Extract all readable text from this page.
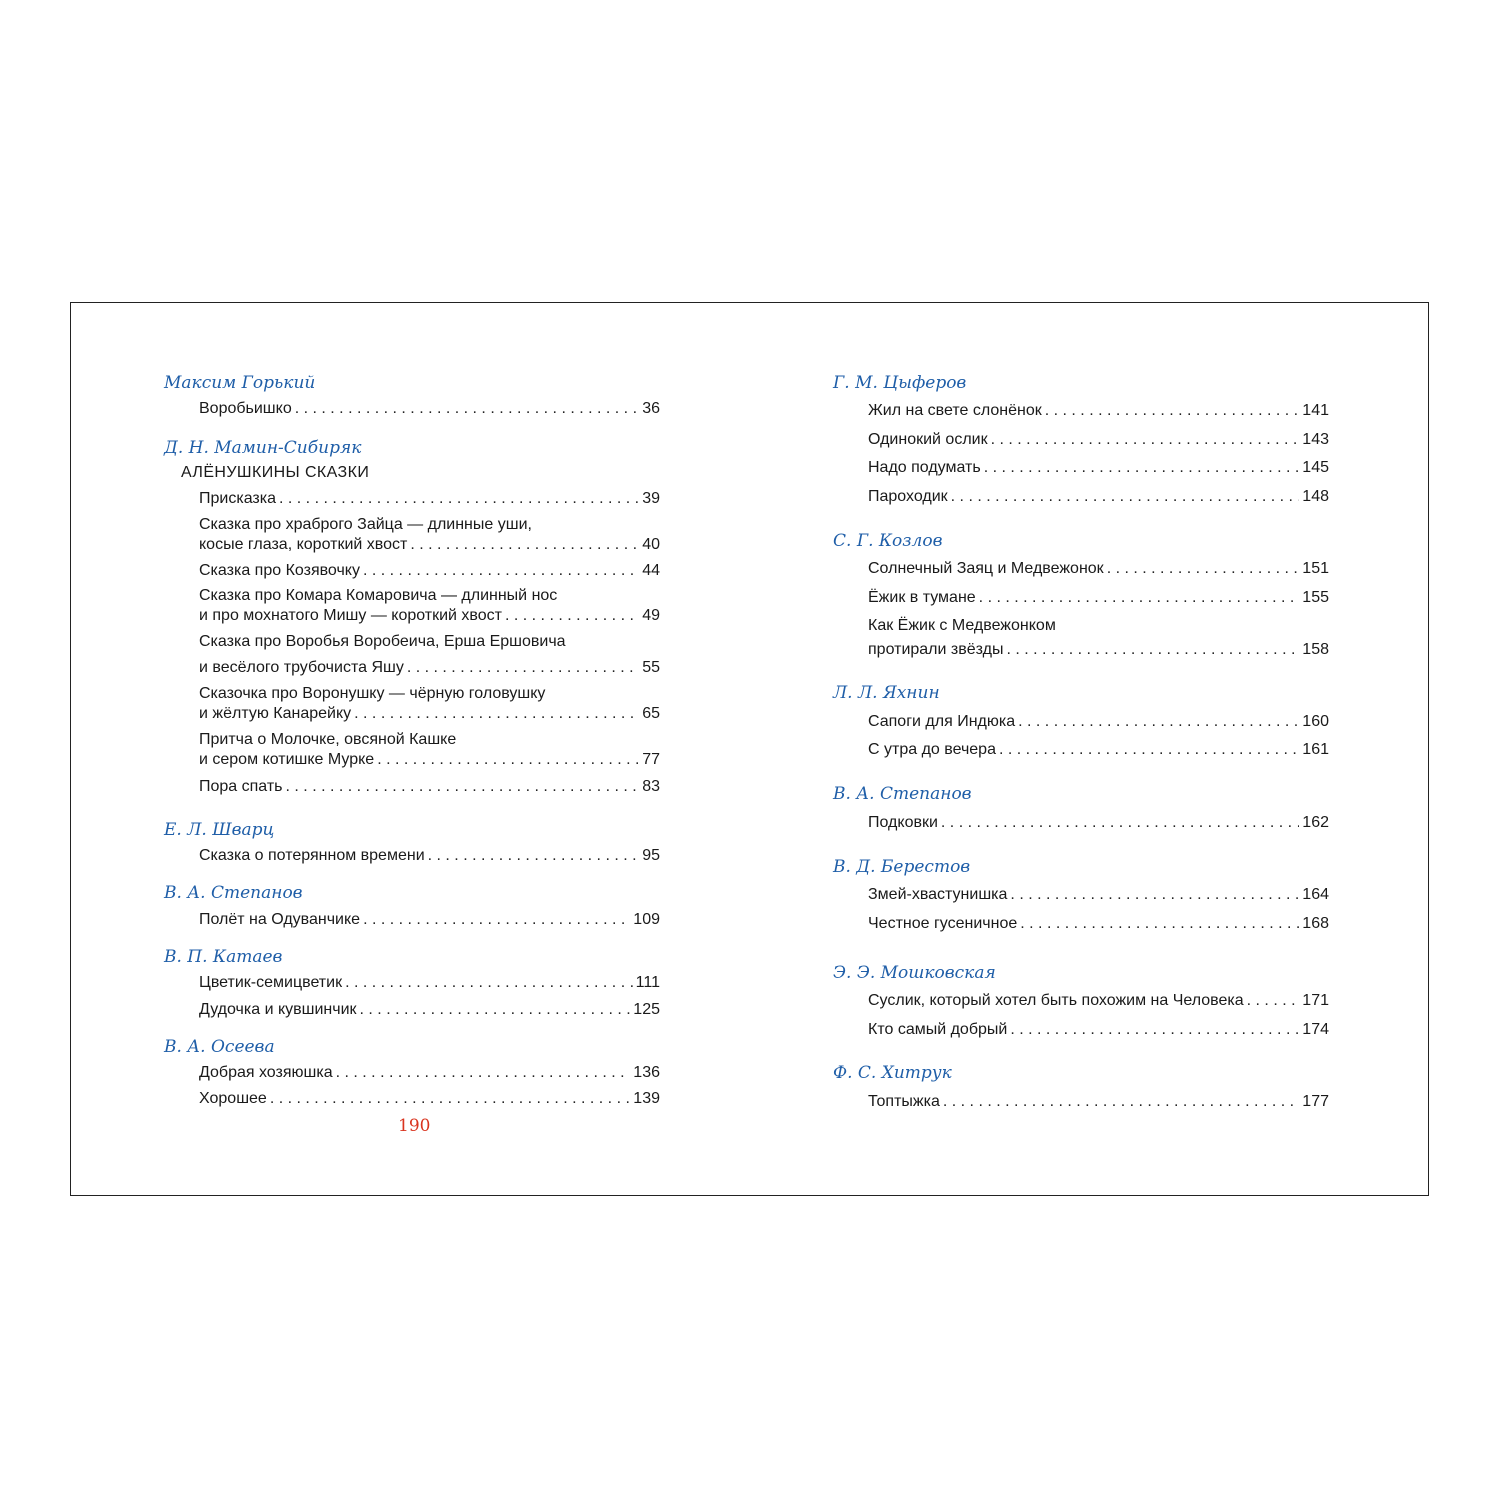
Максим Горький
Воробьишко . . .	36
Д. Н. Мамин-Сибиряк
АЛЁНУШКИНЫ СКАЗКИ
Присказка . . .	39
Сказка про храброго Зайца — длинные уши,
косые глаза, короткий хвост . . .	40
Сказка про Козявочку . . .	44
Сказка про Комара Комаровича — длинный нос
и про мохнатого Мишу — короткий хвост . . .	49
Сказка про Воробья Воробеича, Ерша Ершовича
и весёлого трубочиста Яшу . . .	55
Сказочка про Воронушку — чёрную головушку
и жёлтую Канарейку . . .	65
Притча о Молочке, овсяной Кашке
и сером котишке Мурке . . .	77
Пора спать . . .	83
Е. Л. Шварц
Сказка о потерянном времени . . .	95
В. А. Степанов
Полёт на Одуванчике . . .	109
В. П. Катаев
Цветик-семицветик . . .	111
Дудочка и кувшинчик . . .	125
В. А. Осеева
Добрая хозяюшка . . .	136
Хорошее . . .	139
Г. М. Цыферов
Жил на свете слонёнок . . .	141
Одинокий ослик . . .	143
Надо подумать . . .	145
Пароходик . . .	148
С. Г. Козлов
Солнечный Заяц и Медвежонок . . .	151
Ёжик в тумане . . .	155
Как Ёжик с Медвежонком
протирали звёзды . . .	158
Л. Л. Яхнин
Сапоги для Индюка . . .	160
С утра до вечера . . .	161
В. А. Степанов
Подковки . . .	162
В. Д. Берестов
Змей-хвастунишка . . .	164
Честное гусеничное . . .	168
Э. Э. Мошковская
Суслик, который хотел быть похожим на Человека . . .	171
Кто самый добрый . . .	174
Ф. С. Хитрук
Топтыжка . . .	177
190
